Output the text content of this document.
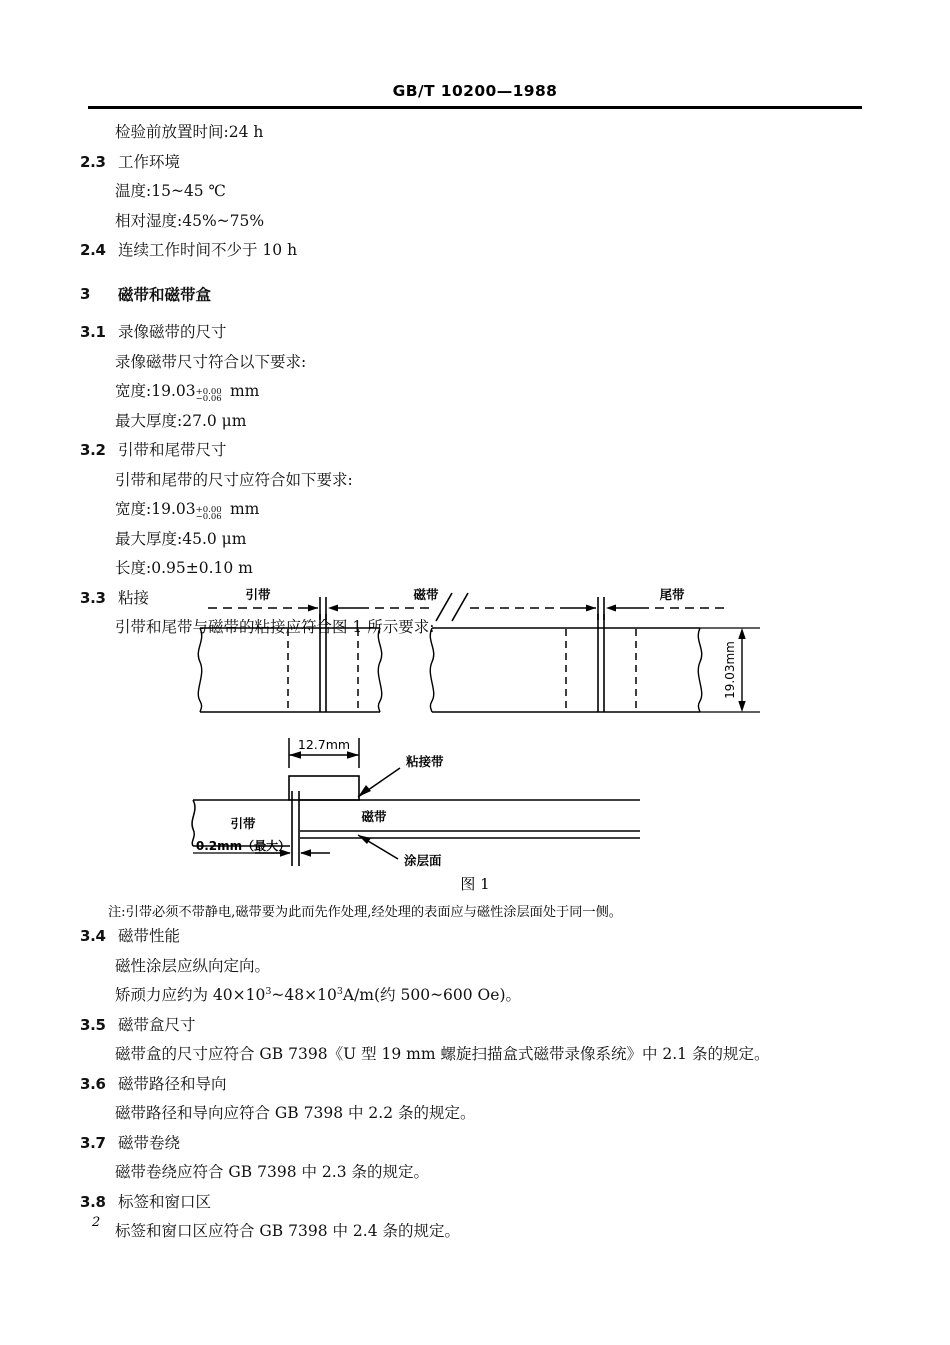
GB/T 10200—1988
检验前放置时间:24 h
2.3 工作环境
温度:15~45 ℃
相对湿度:45%~75%
2.4 连续工作时间不少于 10 h
3 磁带和磁带盒
3.1 录像磁带的尺寸
录像磁带尺寸符合以下要求:
宽度:19.03 +0.00
−0.06 mm
最大厚度:27.0 μm
3.2 引带和尾带尺寸
引带和尾带的尺寸应符合如下要求:
宽度:19.03 +0.00
−0.06 mm
最大厚度:45.0 μm
长度:0.95±0.10 m
3.3 粘接
引带和尾带与磁带的粘接应符合图 1 所示要求:
引带	磁带	尾带
19.03mm
12.7mm
粘接带
引带	磁带
涂层面
0.2mm（最大）
图 1
注:引带必须不带静电,磁带要为此而先作处理,经处理的表面应与磁性涂层面处于同一侧。
3.4 磁带性能
磁性涂层应纵向定向。
矫顽力应约为 $40\times 10^3\sim 48\times 10^3A/m$(约 500~600 Oe)。
3.5 磁带盒尺寸
磁带盒的尺寸应符合 GB 7398《U 型 19 mm 螺旋扫描盒式磁带录像系统》中 2.1 条的规定。
3.6 磁带路径和导向
磁带路径和导向应符合 GB 7398 中 2.2 条的规定。
3.7 磁带卷绕
磁带卷绕应符合 GB 7398 中 2.3 条的规定。
3.8 标签和窗口区
标签和窗口区应符合 GB 7398 中 2.4 条的规定。
2
